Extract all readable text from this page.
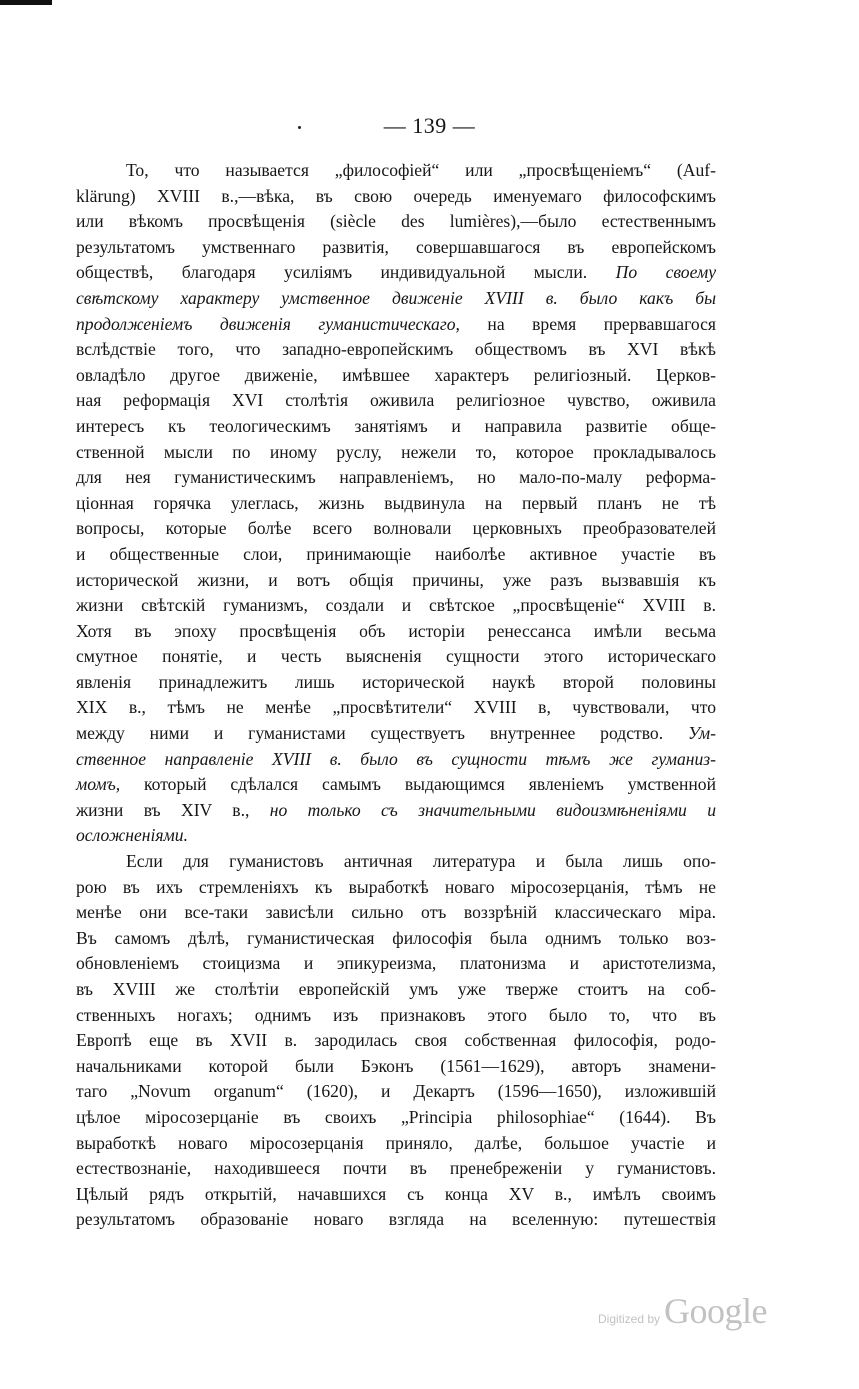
— 139 —
То, что называется „философіей“ или „просвѣщеніемъ“ (Auf-
klärung) XVIII в.,—вѣка, въ свою очередь именуемаго философскимъ
или вѣкомъ просвѣщенія (siècle des lumières),—было естественнымъ
результатомъ умственнаго развитія, совершавшагося въ европейскомъ
обществѣ, благодаря усиліямъ индивидуальной мысли. По своему
свѣтскому характеру умственное движеніе XVIII в. было какъ бы
продолженіемъ движенія гуманистическаго, на время прервавшагося
вслѣдствіе того, что западно-европейскимъ обществомъ въ XVI вѣкѣ
овладѣло другое движеніе, имѣвшее характеръ религіозный. Церков-
ная реформація XVI столѣтія оживила религіозное чувство, оживила
интересъ къ теологическимъ занятіямъ и направила развитіе обще-
ственной мысли по иному руслу, нежели то, которое прокладывалось
для нея гуманистическимъ направленіемъ, но мало-по-малу реформа-
ціонная горячка улеглась, жизнь выдвинула на первый планъ не тѣ
вопросы, которые болѣе всего волновали церковныхъ преобразователей
и общественные слои, принимающіе наиболѣе активное участіе въ
исторической жизни, и вотъ общія причины, уже разъ вызвавшія къ
жизни свѣтскій гуманизмъ, создали и свѣтское „просвѣщеніе“ XVIII в.
Хотя въ эпоху просвѣщенія объ исторіи ренессанса имѣли весьма
смутное понятіе, и честь выясненія сущности этого историческаго
явленія принадлежитъ лишь исторической наукѣ второй половины
XIX в., тѣмъ не менѣе „просвѣтители“ XVIII в, чувствовали, что
между ними и гуманистами существуетъ внутреннее родство. Ум-
ственное направленіе XVIII в. было въ сущности тѣмъ же гуманиз-
момъ, который сдѣлался самымъ выдающимся явленіемъ умственной
жизни въ XIV в., но только съ значительными видоизмѣненіями и
осложненіями.
Если для гуманистовъ античная литература и была лишь опо-
рою въ ихъ стремленіяхъ къ выработкѣ новаго міросозерцанія, тѣмъ не
менѣе они все-таки зависѣли сильно отъ воззрѣній классическаго міра.
Въ самомъ дѣлѣ, гуманистическая философія была однимъ только воз-
обновленіемъ стоицизма и эпикуреизма, платонизма и аристотелизма,
въ XVIII же столѣтіи европейскій умъ уже тверже стоитъ на соб-
ственныхъ ногахъ; однимъ изъ признаковъ этого было то, что въ
Европѣ еще въ XVII в. зародилась своя собственная философія, родо-
начальниками которой были Бэконъ (1561—1629), авторъ знамени-
таго „Novum organum“ (1620), и Декартъ (1596—1650), изложившій
цѣлое міросозерцаніе въ своихъ „Principia philosophiae“ (1644). Въ
выработкѣ новаго міросозерцанія приняло, далѣе, большое участіе и
естествознаніе, находившееся почти въ пренебреженіи у гуманистовъ.
Цѣлый рядъ открытій, начавшихся съ конца XV в., имѣлъ своимъ
результатомъ образованіе новаго взгляда на вселенную: путешествія
Digitized by Google
